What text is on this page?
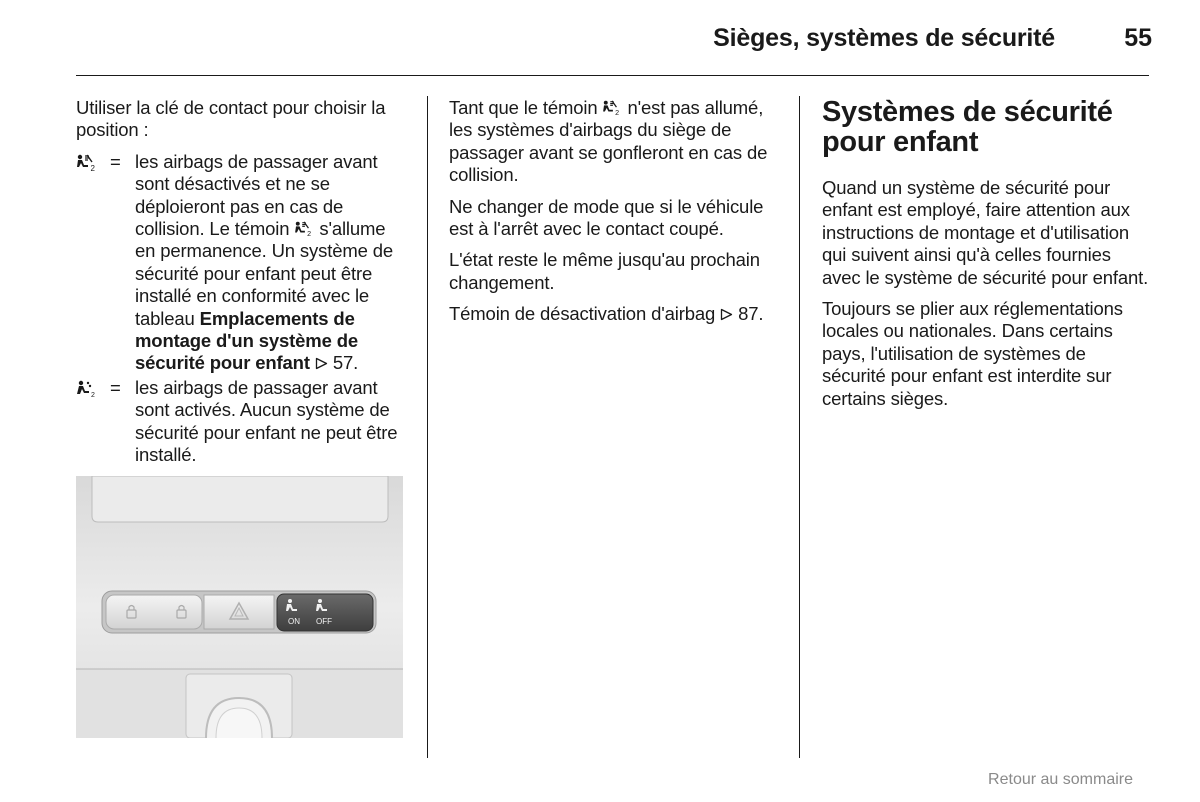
Sièges, systèmes de sécurité	55

Utiliser la clé de contact pour choisir la position :

= les airbags de passager avant sont désactivés et ne se déploieront pas en cas de collision. Le témoin s'allume en permanence. Un système de sécurité pour enfant peut être installé en conformité avec le tableau Emplacements de montage d'un système de sécurité pour enfant 57.
= les airbags de passager avant sont activés. Aucun système de sécurité pour enfant ne peut être installé.
ON OFF

Tant que le témoin n'est pas allumé, les systèmes d'airbags du siège de passager avant se gonfleront en cas de collision.

Ne changer de mode que si le véhicule est à l'arrêt avec le contact coupé.

L'état reste le même jusqu'au prochain changement.

Témoin de désactivation d'airbag 87.

Systèmes de sécurité pour enfant

Quand un système de sécurité pour enfant est employé, faire attention aux instructions de montage et d'utilisation qui suivent ainsi qu'à celles fournies avec le système de sécurité pour enfant.

Toujours se plier aux réglementations locales ou nationales. Dans certains pays, l'utilisation de systèmes de sécurité pour enfant est interdite sur certains sièges.

Retour au sommaire
